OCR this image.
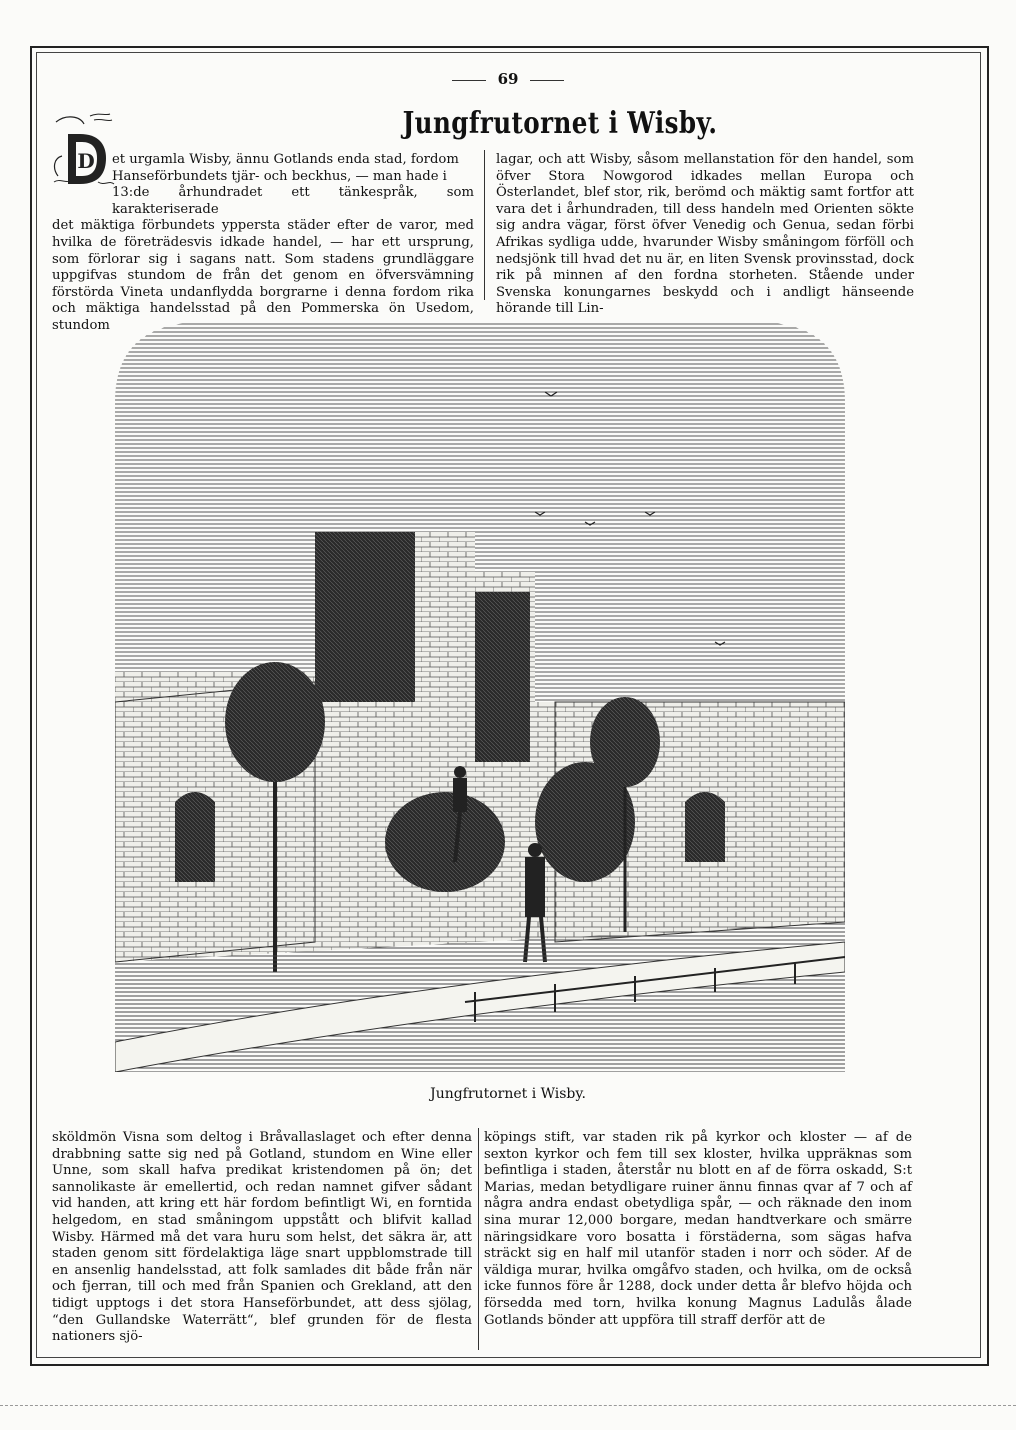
69
Jungfrutornet i Wisby.
D	et urgamla Wisby, ännu Gotlands enda stad, fordom

Hanseförbundets tjär- och beckhus, — man hade i

13:de århundradet ett tänkespråk, som karakteriserade

det mäktiga förbundets yppersta städer efter de varor, med hvilka de företrädesvis idkade handel, — har ett ursprung, som förlorar sig i sagans natt. Som stadens grundläggare uppgifvas stundom de från det genom en öfversvämning förstörda Vineta undanflydda borgrarne i denna fordom rika och mäktiga handelsstad på den Pommerska ön Usedom, stundom

lagar, och att Wisby, såsom mellanstation för den handel, som öfver Stora Nowgorod idkades mellan Europa och Österlandet, blef stor, rik, berömd och mäktig samt fortfor att vara det i århundraden, till dess handeln med Orienten sökte sig andra vägar, först öfver Venedig och Genua, sedan förbi Afrikas sydliga udde, hvarunder Wisby småningom förföll och nedsjönk till hvad det nu är, en liten Svensk provinsstad, dock rik på minnen af den fordna storheten. Stående under Svenska konungarnes beskydd och i andligt hänseende hörande till Lin-
Jungfrutornet i Wisby.
sköldmön Visna som deltog i Bråvallaslaget och efter denna drabbning satte sig ned på Gotland, stundom en Wine eller Unne, som skall hafva predikat kristendomen på ön; det sannolikaste är emellertid, och redan namnet gifver sådant vid handen, att kring ett här fordom befintligt Wi, en forntida helgedom, en stad småningom uppstått och blifvit kallad Wisby. Härmed må det vara huru som helst, det säkra är, att staden genom sitt fördelaktiga läge snart uppblomstrade till en ansenlig handelsstad, att folk samlades dit både från när och fjerran, till och med från Spanien och Grekland, att den tidigt upptogs i det stora Hanseförbundet, att dess sjölag, “den Gullandske Waterrätt“, blef grunden för de flesta nationers sjö-
köpings stift, var staden rik på kyrkor och kloster — af de sexton kyrkor och fem till sex kloster, hvilka uppräknas som befintliga i staden, återstår nu blott en af de förra oskadd, S:t Marias, medan betydligare ruiner ännu finnas qvar af 7 och af några andra endast obetydliga spår, — och räknade den inom sina murar 12,000 borgare, medan handtverkare och smärre näringsidkare voro bosatta i förstäderna, som sägas hafva sträckt sig en half mil utanför staden i norr och söder. Af de väldiga murar, hvilka omgåfvo staden, och hvilka, om de också icke funnos före år 1288, dock under detta år blefvo höjda och försedda med torn, hvilka konung Magnus Ladulås ålade Gotlands bönder att uppföra till straff derför att de
